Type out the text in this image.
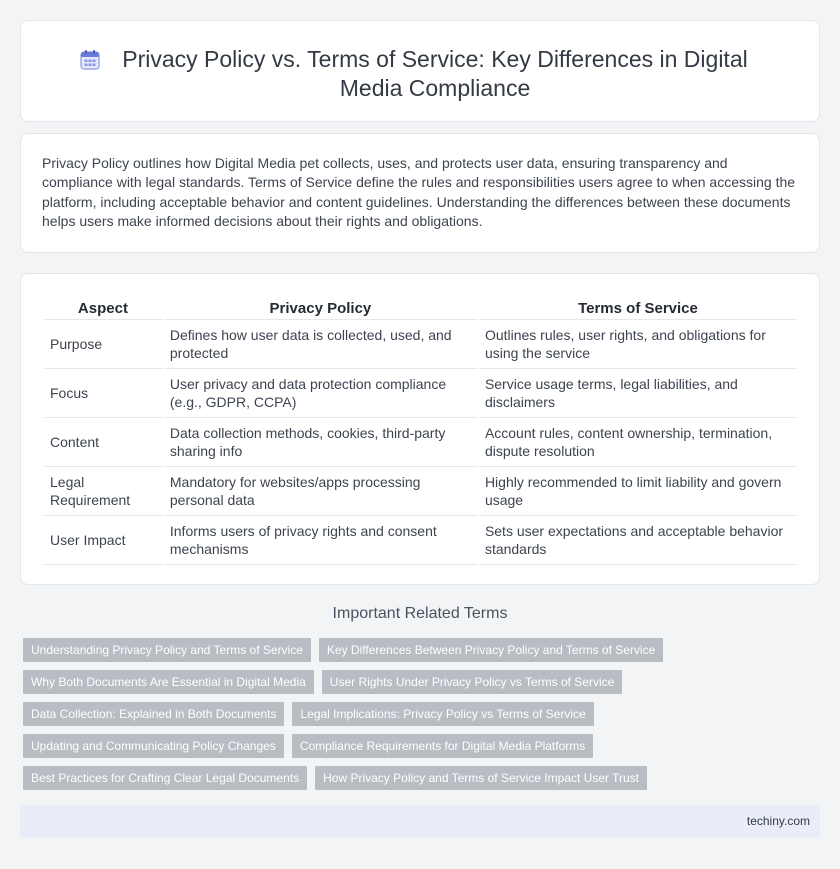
Privacy Policy vs. Terms of Service: Key Differences in Digital Media Compliance

Privacy Policy outlines how Digital Media pet collects, uses, and protects user data, ensuring transparency and compliance with legal standards. Terms of Service define the rules and responsibilities users agree to when accessing the platform, including acceptable behavior and content guidelines. Understanding the differences between these documents helps users make informed decisions about their rights and obligations.

Aspect	Privacy Policy	Terms of Service
Purpose	Defines how user data is collected, used, and protected	Outlines rules, user rights, and obligations for using the service
Focus	User privacy and data protection compliance (e.g., GDPR, CCPA)	Service usage terms, legal liabilities, and disclaimers
Content	Data collection methods, cookies, third-party sharing info	Account rules, content ownership, termination, dispute resolution
Legal Requirement	Mandatory for websites/apps processing personal data	Highly recommended to limit liability and govern usage
User Impact	Informs users of privacy rights and consent mechanisms	Sets user expectations and acceptable behavior standards
Important Related Terms
Understanding Privacy Policy and Terms of Service	Key Differences Between Privacy Policy and Terms of Service
Why Both Documents Are Essential in Digital Media	User Rights Under Privacy Policy vs Terms of Service
Data Collection: Explained in Both Documents	Legal Implications: Privacy Policy vs Terms of Service
Updating and Communicating Policy Changes	Compliance Requirements for Digital Media Platforms
Best Practices for Crafting Clear Legal Documents	How Privacy Policy and Terms of Service Impact User Trust
techiny.com
